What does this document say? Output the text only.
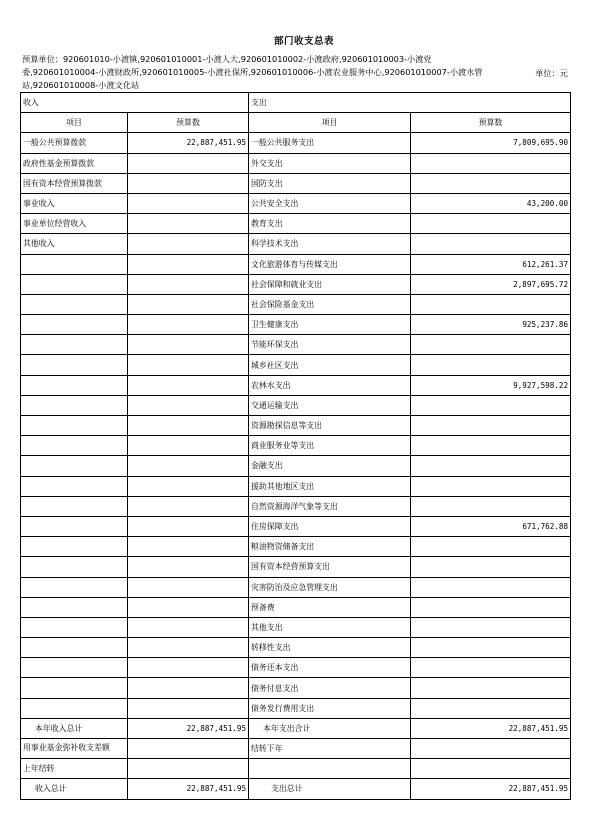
部门收支总表
预算单位：920601010-小渡镇,920601010001-小渡人大,920601010002-小渡政府,920601010003-小渡党委,920601010004-小渡财政所,920601010005-小渡社保所,920601010006-小渡农业服务中心,920601010007-小渡水管站,920601010008-小渡文化站
单位：元
收入		支出	
项目	预算数	项目	预算数
一般公共预算拨款	22,887,451.95	一般公共服务支出	7,809,695.90
政府性基金预算拨款		外交支出	
国有资本经营预算拨款		国防支出	
事业收入		公共安全支出	43,200.00
事业单位经营收入		教育支出	
其他收入		科学技术支出	
		文化旅游体育与传媒支出	612,261.37
		社会保障和就业支出	2,897,695.72
		社会保险基金支出	
		卫生健康支出	925,237.86
		节能环保支出	
		城乡社区支出	
		农林水支出	9,927,598.22
		交通运输支出	
		资源勘探信息等支出	
		商业服务业等支出	
		金融支出	
		援助其他地区支出	
		自然资源海洋气象等支出	
		住房保障支出	671,762.88
		粮油物资储备支出	
		国有资本经营预算支出	
		灾害防治及应急管理支出	
		预备费	
		其他支出	
		转移性支出	
		债务还本支出	
		债务付息支出	
		债务发行费用支出	
本年收入总计	22,887,451.95	本年支出合计	22,887,451.95
用事业基金弥补收支差额		结转下年	
上年结转			
收入总计	22,887,451.95	支出总计	22,887,451.95
